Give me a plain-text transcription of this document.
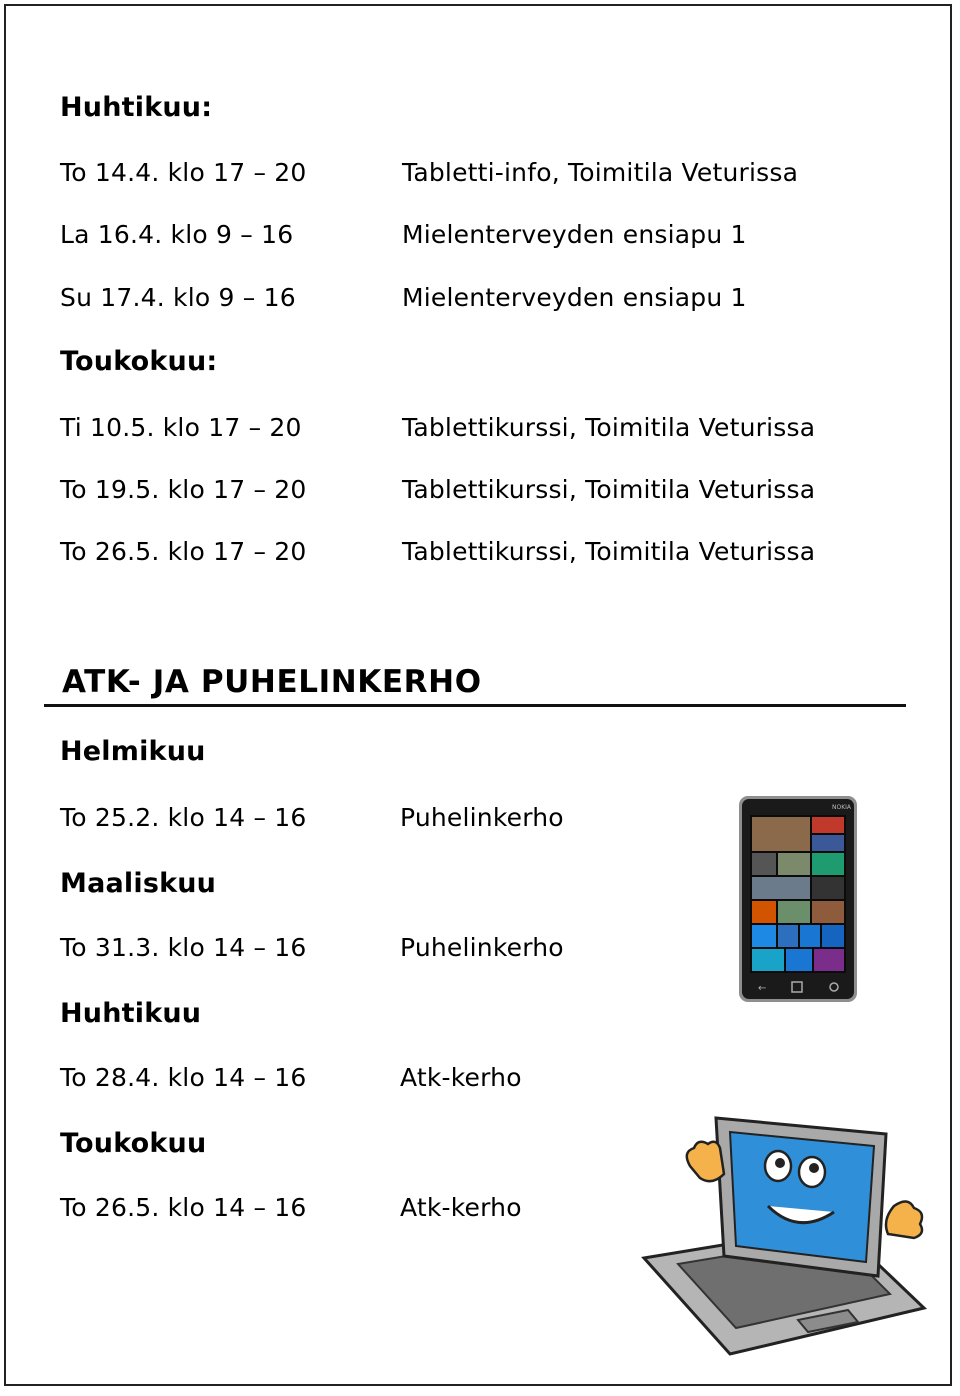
Huhtikuu:
To 14.4. klo 17 – 20	Tabletti-info, Toimitila Veturissa
La 16.4. klo 9 – 16	Mielenterveyden ensiapu 1
Su 17.4. klo 9 – 16	Mielenterveyden ensiapu 1
Toukokuu:
Ti 10.5. klo 17 – 20	Tablettikurssi, Toimitila Veturissa
To 19.5. klo 17 – 20	Tablettikurssi, Toimitila Veturissa
To 26.5. klo 17 – 20	Tablettikurssi, Toimitila Veturissa
ATK- JA PUHELINKERHO
Helmikuu
To 25.2. klo 14 – 16	Puhelinkerho
Maaliskuu
To 31.3. klo 14 – 16	Puhelinkerho
Huhtikuu
To 28.4. klo 14 – 16	Atk-kerho
Toukokuu
To 26.5. klo 14 – 16	Atk-kerho
NOKIA
←
